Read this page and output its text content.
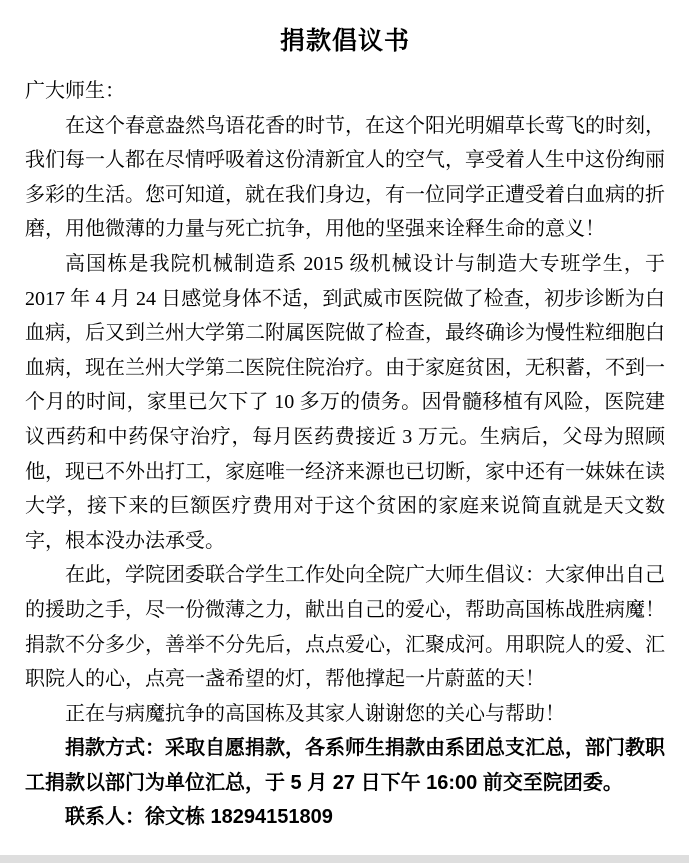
捐款倡议书
广大师生：

在这个春意盎然鸟语花香的时节，在这个阳光明媚草长莺飞的时刻，我们每一人都在尽情呼吸着这份清新宜人的空气，享受着人生中这份绚丽多彩的生活。您可知道，就在我们身边，有一位同学正遭受着白血病的折磨，用他微薄的力量与死亡抗争，用他的坚强来诠释生命的意义！

高国栋是我院机械制造系 2015 级机械设计与制造大专班学生，于 2017 年 4 月 24 日感觉身体不适，到武威市医院做了检查，初步诊断为白血病，后又到兰州大学第二附属医院做了检查，最终确诊为慢性粒细胞白血病，现在兰州大学第二医院住院治疗。由于家庭贫困，无积蓄，不到一个月的时间，家里已欠下了 10 多万的债务。因骨髓移植有风险，医院建议西药和中药保守治疗，每月医药费接近 3 万元。生病后，父母为照顾他，现已不外出打工，家庭唯一经济来源也已切断，家中还有一妹妹在读大学，接下来的巨额医疗费用对于这个贫困的家庭来说简直就是天文数字，根本没办法承受。

在此，学院团委联合学生工作处向全院广大师生倡议：大家伸出自己的援助之手，尽一份微薄之力，献出自己的爱心，帮助高国栋战胜病魔！捐款不分多少，善举不分先后，点点爱心，汇聚成河。用职院人的爱、汇职院人的心，点亮一盏希望的灯，帮他撑起一片蔚蓝的天！

正在与病魔抗争的高国栋及其家人谢谢您的关心与帮助！

捐款方式：采取自愿捐款，各系师生捐款由系团总支汇总，部门教职工捐款以部门为单位汇总，于 5 月 27 日下午 16:00 前交至院团委。

联系人：徐文栋 18294151809
